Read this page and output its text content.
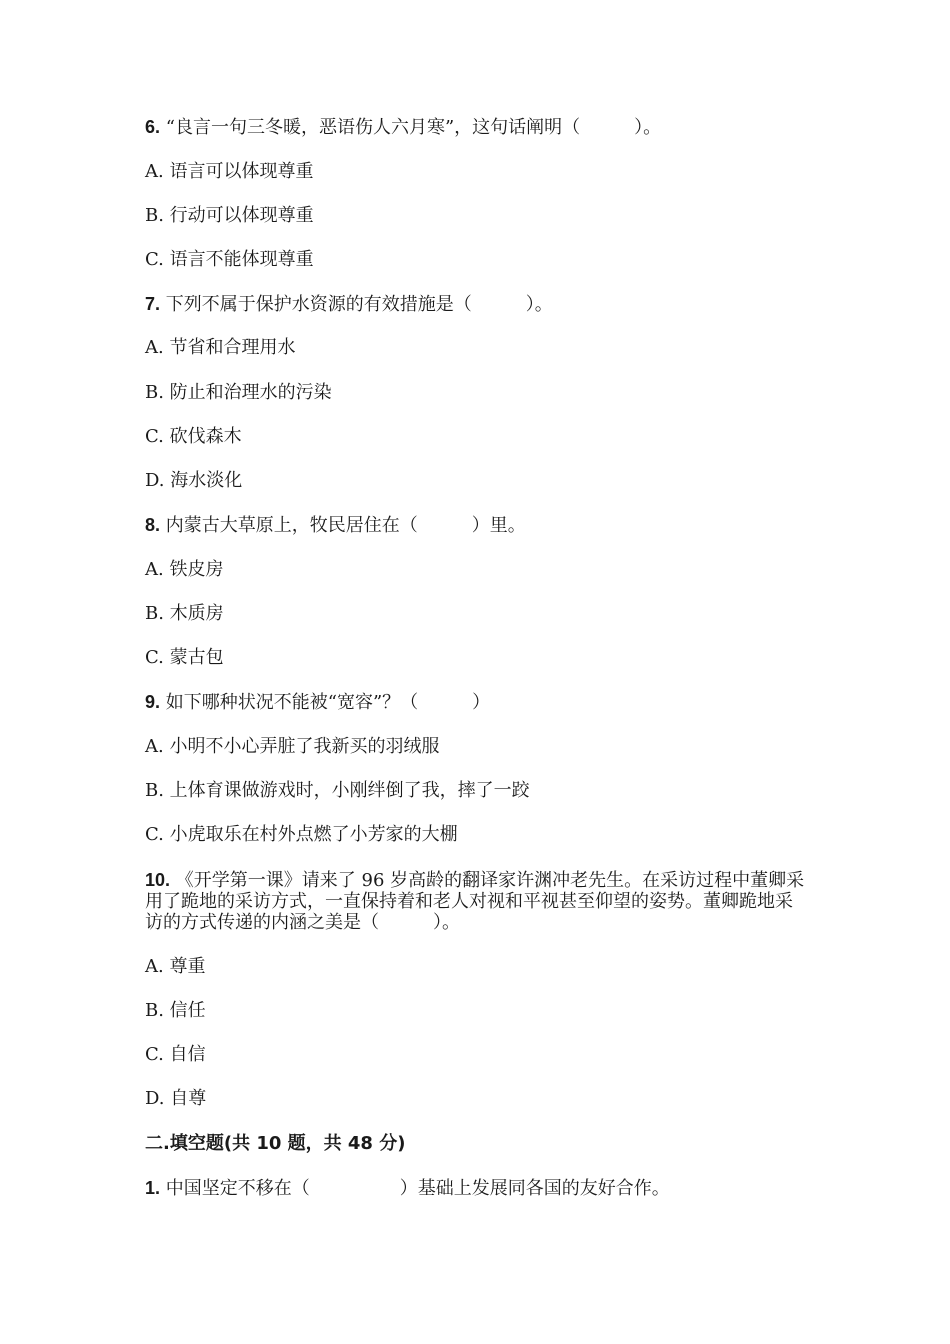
6. “良言一句三冬暖，恶语伤人六月寒”，这句话阐明（　　　）。
A. 语言可以体现尊重
B. 行动可以体现尊重
C. 语言不能体现尊重
7. 下列不属于保护水资源的有效措施是（　　　）。
A. 节省和合理用水
B. 防止和治理水的污染
C. 砍伐森木
D. 海水淡化
8. 内蒙古大草原上，牧民居住在（　　　）里。
A. 铁皮房
B. 木质房
C. 蒙古包
9. 如下哪种状况不能被“宽容”？（　　　）
A. 小明不小心弄脏了我新买的羽绒服
B. 上体育课做游戏时，小刚绊倒了我，摔了一跤
C. 小虎取乐在村外点燃了小芳家的大棚
10. 《开学第一课》请来了 96 岁高龄的翻译家许渊冲老先生。在采访过程中董卿采用了跪地的采访方式，一直保持着和老人对视和平视甚至仰望的姿势。董卿跪地采访的方式传递的内涵之美是（　　　）。
A. 尊重
B. 信任
C. 自信
D. 自尊
二.填空题(共 10 题，共 48 分)
1. 中国坚定不移在（　　　　　）基础上发展同各国的友好合作。
